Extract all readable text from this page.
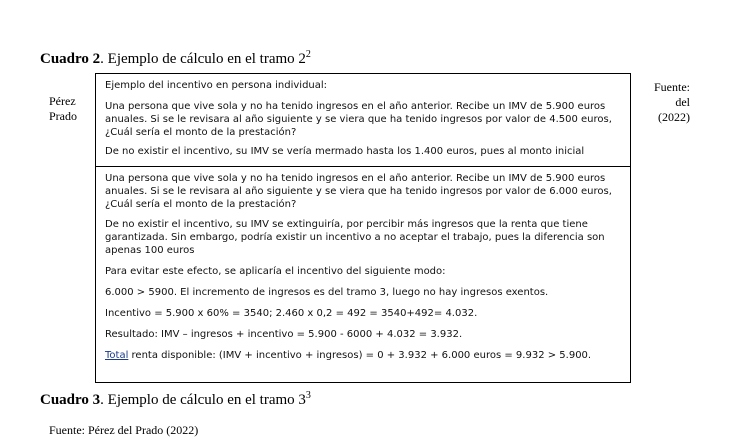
Cuadro 2. Ejemplo de cálculo en el tramo $2^2$
Pérez
Prado
Fuente:
del
(2022)

Ejemplo del incentivo en persona individual:

Una persona que vive sola y no ha tenido ingresos en el año anterior. Recibe un IMV de 5.900 euros anuales. Si se le revisara al año siguiente y se viera que ha tenido ingresos por valor de 4.500 euros, ¿Cuál sería el monto de la prestación?

De no existir el incentivo, su IMV se vería mermado hasta los 1.400 euros, pues al monto inicial

Una persona que vive sola y no ha tenido ingresos en el año anterior. Recibe un IMV de 5.900 euros anuales. Si se le revisara al año siguiente y se viera que ha tenido ingresos por valor de 6.000 euros, ¿Cuál sería el monto de la prestación?

De no existir el incentivo, su IMV se extinguiría, por percibir más ingresos que la renta que tiene garantizada. Sin embargo, podría existir un incentivo a no aceptar el trabajo, pues la diferencia son apenas 100 euros

Para evitar este efecto, se aplicaría el incentivo del siguiente modo:

6.000 > 5900. El incremento de ingresos es del tramo 3, luego no hay ingresos exentos.

Incentivo = 5.900 x 60% = 3540; 2.460 x 0,2 = 492 = 3540+492= 4.032.

Resultado: IMV – ingresos + incentivo = 5.900 - 6000 + 4.032 = 3.932.

Total renta disponible: (IMV + incentivo + ingresos) = 0 + 3.932 + 6.000 euros = 9.932 > 5.900.

Cuadro 3. Ejemplo de cálculo en el tramo $3^3$
Fuente: Pérez del Prado (2022)
